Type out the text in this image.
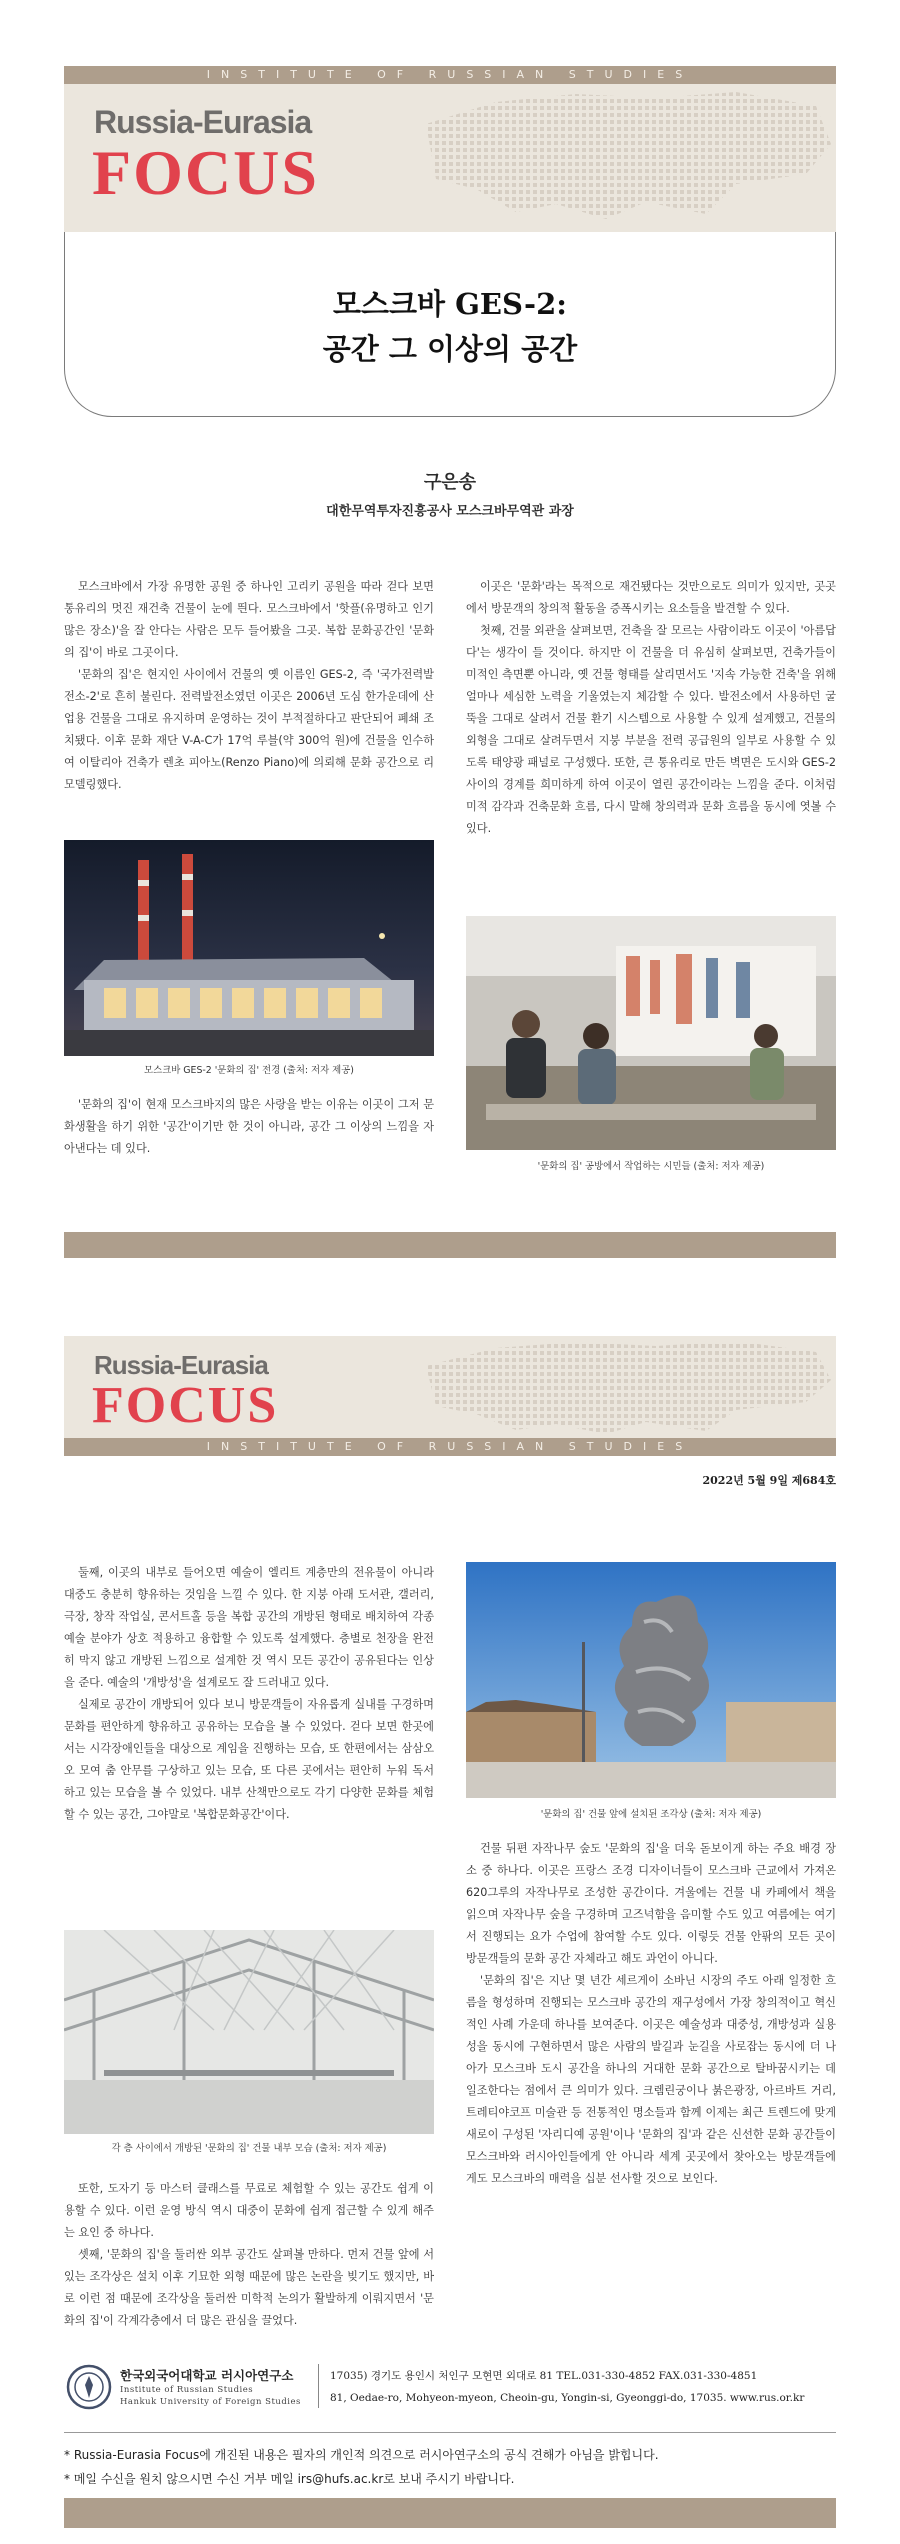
INSTITUTE OF RUSSIAN STUDIES
Russia-Eurasia
FOCUS
모스크바 GES-2:
공간 그 이상의 공간
구은송
대한무역투자진흥공사 모스크바무역관 과장

모스크바에서 가장 유명한 공원 중 하나인 고리키 공원을 따라 걷다 보면 통유리의 멋진 재건축 건물이 눈에 띈다. 모스크바에서 '핫플(유명하고 인기 많은 장소)'을 잘 안다는 사람은 모두 들어봤을 그곳. 복합 문화공간인 '문화의 집'이 바로 그곳이다.

'문화의 집'은 현지인 사이에서 건물의 옛 이름인 GES-2, 즉 '국가전력발전소-2'로 흔히 불린다. 전력발전소였던 이곳은 2006년 도심 한가운데에 산업용 건물을 그대로 유지하며 운영하는 것이 부적절하다고 판단되어 폐쇄 조치됐다. 이후 문화 재단 V-A-C가 17억 루블(약 300억 원)에 건물을 인수하여 이탈리아 건축가 렌초 피아노(Renzo Piano)에 의뢰해 문화 공간으로 리모델링했다.

모스크바 GES-2 '문화의 집' 전경 (출처: 저자 제공)

'문화의 집'이 현재 모스크바지의 많은 사랑을 받는 이유는 이곳이 그저 문화생활을 하기 위한 '공간'이기만 한 것이 아니라, 공간 그 이상의 느낌을 자아낸다는 데 있다.

이곳은 '문화'라는 목적으로 재건됐다는 것만으로도 의미가 있지만, 곳곳에서 방문객의 창의적 활동을 증폭시키는 요소들을 발견할 수 있다.

첫째, 건물 외관을 살펴보면, 건축을 잘 모르는 사람이라도 이곳이 '아름답다'는 생각이 들 것이다. 하지만 이 건물을 더 유심히 살펴보면, 건축가들이 미적인 측면뿐 아니라, 옛 건물 형태를 살리면서도 '지속 가능한 건축'을 위해 얼마나 세심한 노력을 기울였는지 체감할 수 있다. 발전소에서 사용하던 굴뚝을 그대로 살려서 건물 환기 시스템으로 사용할 수 있게 설계했고, 건물의 외형을 그대로 살려두면서 지붕 부분을 전력 공급원의 일부로 사용할 수 있도록 태양광 패널로 구성했다. 또한, 큰 통유리로 만든 벽면은 도시와 GES-2 사이의 경계를 희미하게 하여 이곳이 열린 공간이라는 느낌을 준다. 이처럼 미적 감각과 건축문화 흐름, 다시 말해 창의력과 문화 흐름을 동시에 엿볼 수 있다.

'문화의 집' 공방에서 작업하는 시민들 (출처: 저자 제공)
Russia-Eurasia
FOCUS
INSTITUTE OF RUSSIAN STUDIES
2022년 5월 9일 제684호

둘째, 이곳의 내부로 들어오면 예술이 엘리트 계층만의 전유물이 아니라 대중도 충분히 향유하는 것임을 느낄 수 있다. 한 지붕 아래 도서관, 갤러리, 극장, 창작 작업실, 콘서트홀 등을 복합 공간의 개방된 형태로 배치하여 각종 예술 분야가 상호 적용하고 융합할 수 있도록 설계했다. 층별로 천장을 완전히 막지 않고 개방된 느낌으로 설계한 것 역시 모든 공간이 공유된다는 인상을 준다. 예술의 '개방성'을 설계로도 잘 드러내고 있다.

실제로 공간이 개방되어 있다 보니 방문객들이 자유롭게 실내를 구경하며 문화를 편안하게 향유하고 공유하는 모습을 볼 수 있었다. 걷다 보면 한곳에서는 시각장애인들을 대상으로 계임을 진행하는 모습, 또 한편에서는 삼삼오오 모여 춤 안무를 구상하고 있는 모습, 또 다른 곳에서는 편안히 누워 독서하고 있는 모습을 볼 수 있었다. 내부 산책만으로도 각기 다양한 문화를 체험할 수 있는 공간, 그야말로 '복합문화공간'이다.

각 층 사이에서 개방된 '문화의 집' 건물 내부 모습 (출처: 저자 제공)

또한, 도자기 등 마스터 클래스를 무료로 체험할 수 있는 공간도 쉽게 이용할 수 있다. 이런 운영 방식 역시 대중이 문화에 쉽게 접근할 수 있게 해주는 요인 중 하나다.

셋째, '문화의 집'을 둘러싼 외부 공간도 살펴볼 만하다. 먼저 건물 앞에 서 있는 조각상은 설치 이후 기묘한 외형 때문에 많은 논란을 빚기도 했지만, 바로 이런 점 때문에 조각상을 둘러싼 미학적 논의가 활발하게 이뤄지면서 '문화의 집'이 각계각층에서 더 많은 관심을 끌었다.

'문화의 집' 건물 앞에 설치된 조각상 (출처: 저자 제공)

건물 뒤편 자작나무 숲도 '문화의 집'을 더욱 돋보이게 하는 주요 배경 장소 중 하나다. 이곳은 프랑스 조경 디자이너들이 모스크바 근교에서 가져온 620그루의 자작나무로 조성한 공간이다. 겨울에는 건물 내 카페에서 책을 읽으며 자작나무 숲을 구경하며 고즈넉함을 음미할 수도 있고 여름에는 여기서 진행되는 요가 수업에 참여할 수도 있다. 이렇듯 건물 안팎의 모든 곳이 방문객들의 문화 공간 자체라고 해도 과언이 아니다.

'문화의 집'은 지난 몇 년간 세르게이 소바닌 시장의 주도 아래 일정한 흐름을 형성하며 진행되는 모스크바 공간의 재구성에서 가장 창의적이고 혁신적인 사례 가운데 하나를 보여준다. 이곳은 예술성과 대중성, 개방성과 실용성을 동시에 구현하면서 많은 사람의 발길과 눈길을 사로잡는 동시에 더 나아가 모스크바 도시 공간을 하나의 거대한 문화 공간으로 탈바꿈시키는 데 일조한다는 점에서 큰 의미가 있다. 크렘린궁이나 붉은광장, 아르바트 거리, 트레티야코프 미술관 등 전통적인 명소들과 함께 이제는 최근 트렌드에 맞게 새로이 구성된 '자리디예 공원'이나 '문화의 집'과 같은 신선한 문화 공간들이 모스크바와 러시아인들에게 안 아니라 세계 곳곳에서 찾아오는 방문객들에게도 모스크바의 매력을 십분 선사할 것으로 보인다.

한국외국어대학교 러시아연구소
Institute of Russian Studies
Hankuk University of Foreign Studies
17035) 경기도 용인시 처인구 모현면 외대로 81 TEL.031-330-4852 FAX.031-330-4851
81, Oedae-ro, Mohyeon-myeon, Cheoin-gu, Yongin-si, Gyeonggi-do, 17035. www.rus.or.kr
* Russia-Eurasia Focus에 개진된 내용은 필자의 개인적 의견으로 러시아연구소의 공식 견해가 아님을 밝힙니다.
* 메일 수신을 원치 않으시면 수신 거부 메일 irs@hufs.ac.kr로 보내 주시기 바랍니다.
